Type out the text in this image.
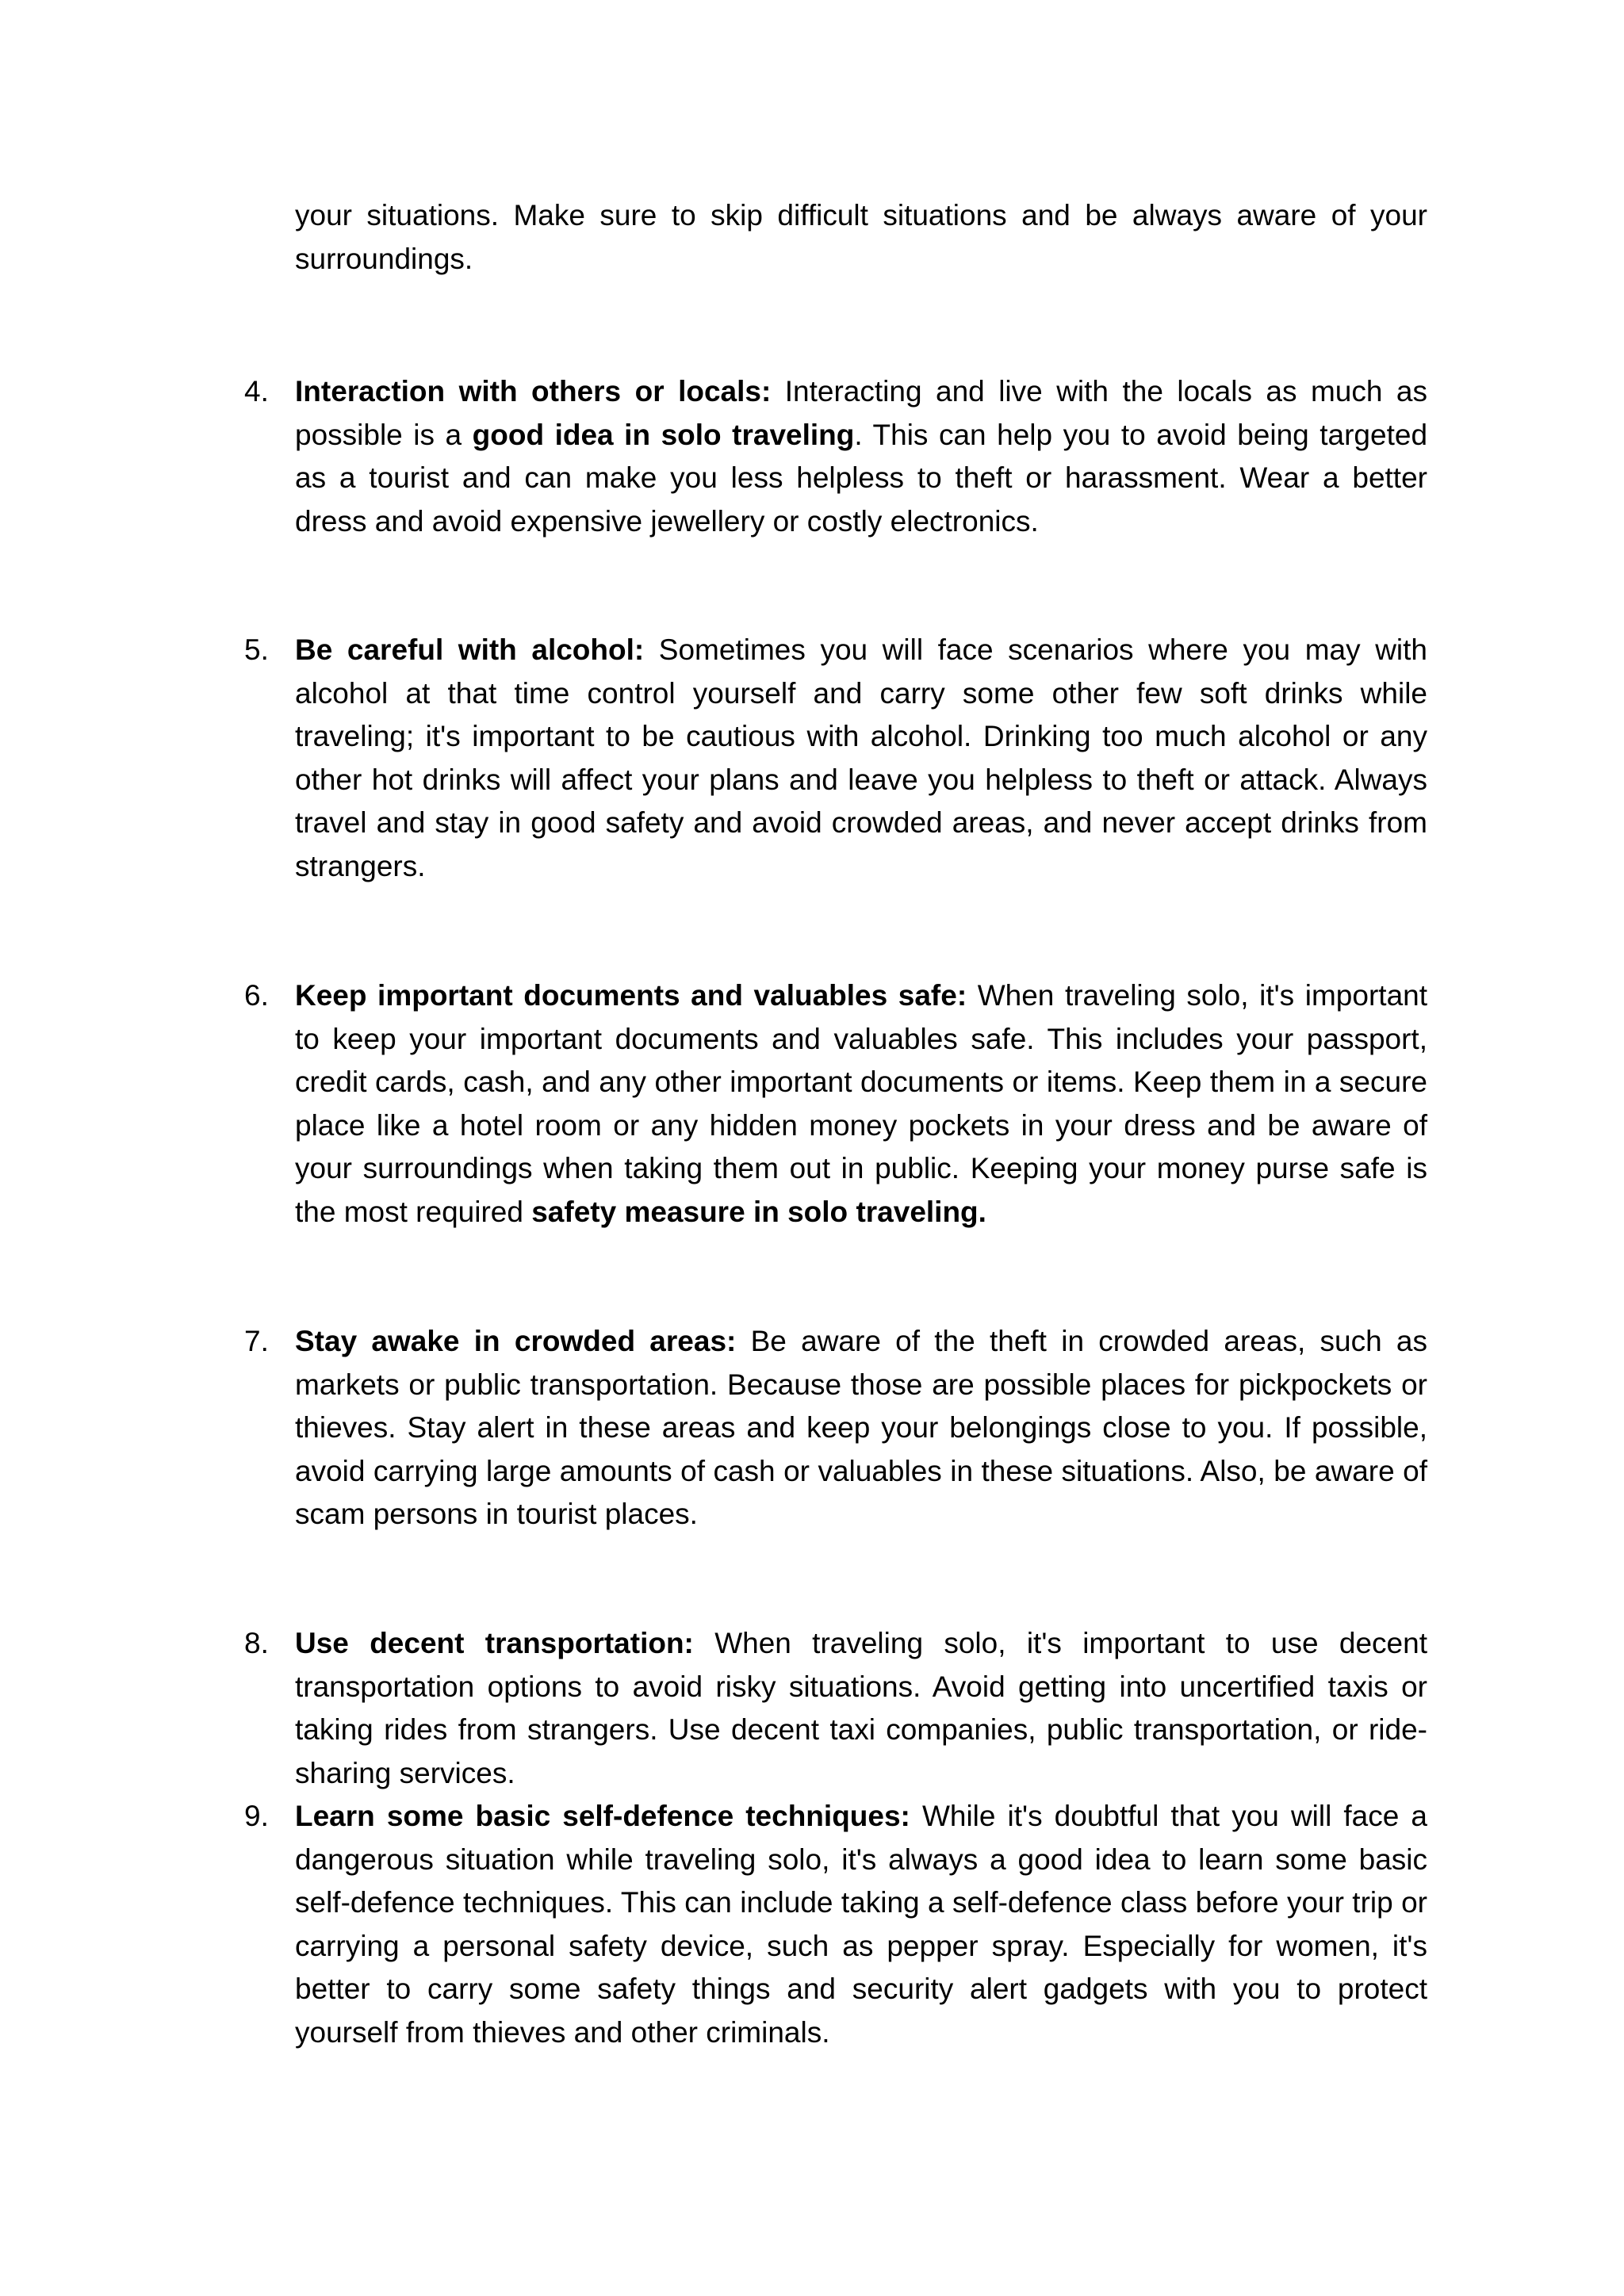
your situations. Make sure to skip difficult situations and be always aware of your surroundings.

4. Interaction with others or locals: Interacting and live with the locals as much as possible is a good idea in solo traveling. This can help you to avoid being targeted as a tourist and can make you less helpless to theft or harassment. Wear a better dress and avoid expensive jewellery or costly electronics.

5. Be careful with alcohol: Sometimes you will face scenarios where you may with alcohol at that time control yourself and carry some other few soft drinks while traveling; it's important to be cautious with alcohol. Drinking too much alcohol or any other hot drinks will affect your plans and leave you helpless to theft or attack. Always travel and stay in good safety and avoid crowded areas, and never accept drinks from strangers.

6. Keep important documents and valuables safe: When traveling solo, it's important to keep your important documents and valuables safe. This includes your passport, credit cards, cash, and any other important documents or items. Keep them in a secure place like a hotel room or any hidden money pockets in your dress and be aware of your surroundings when taking them out in public. Keeping your money purse safe is the most required safety measure in solo traveling.

7. Stay awake in crowded areas: Be aware of the theft in crowded areas, such as markets or public transportation. Because those are possible places for pickpockets or thieves. Stay alert in these areas and keep your belongings close to you. If possible, avoid carrying large amounts of cash or valuables in these situations. Also, be aware of scam persons in tourist places.

8. Use decent transportation: When traveling solo, it's important to use decent transportation options to avoid risky situations. Avoid getting into uncertified taxis or taking rides from strangers. Use decent taxi companies, public transportation, or ride-sharing services.

9. Learn some basic self-defence techniques: While it's doubtful that you will face a dangerous situation while traveling solo, it's always a good idea to learn some basic self-defence techniques. This can include taking a self-defence class before your trip or carrying a personal safety device, such as pepper spray. Especially for women, it's better to carry some safety things and security alert gadgets with you to protect yourself from thieves and other criminals.
